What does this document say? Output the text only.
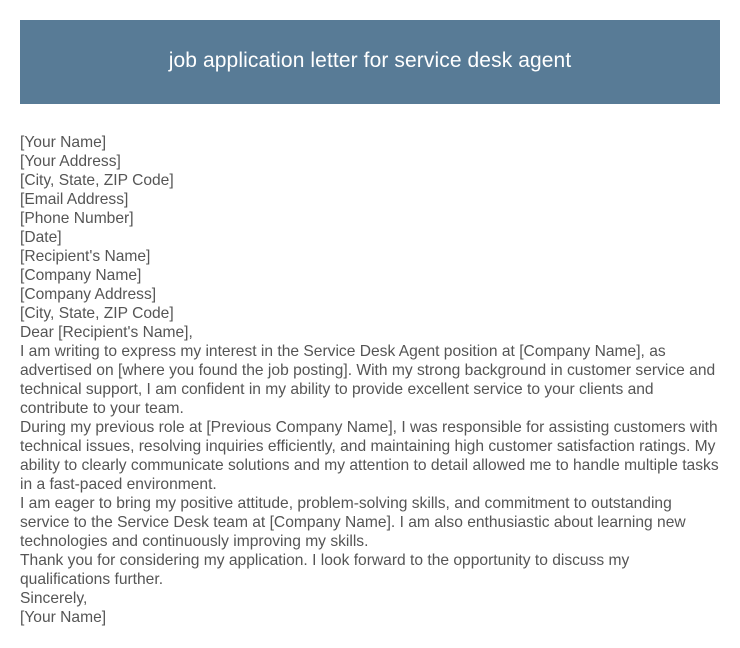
job application letter for service desk agent
[Your Name]
[Your Address]
[City, State, ZIP Code]
[Email Address]
[Phone Number]
[Date]
[Recipient's Name]
[Company Name]
[Company Address]
[City, State, ZIP Code]
Dear [Recipient's Name],
I am writing to express my interest in the Service Desk Agent position at [Company Name], as advertised on [where you found the job posting]. With my strong background in customer service and technical support, I am confident in my ability to provide excellent service to your clients and contribute to your team.
During my previous role at [Previous Company Name], I was responsible for assisting customers with technical issues, resolving inquiries efficiently, and maintaining high customer satisfaction ratings. My ability to clearly communicate solutions and my attention to detail allowed me to handle multiple tasks in a fast-paced environment.
I am eager to bring my positive attitude, problem-solving skills, and commitment to outstanding service to the Service Desk team at [Company Name]. I am also enthusiastic about learning new technologies and continuously improving my skills.
Thank you for considering my application. I look forward to the opportunity to discuss my qualifications further.
Sincerely,
[Your Name]
